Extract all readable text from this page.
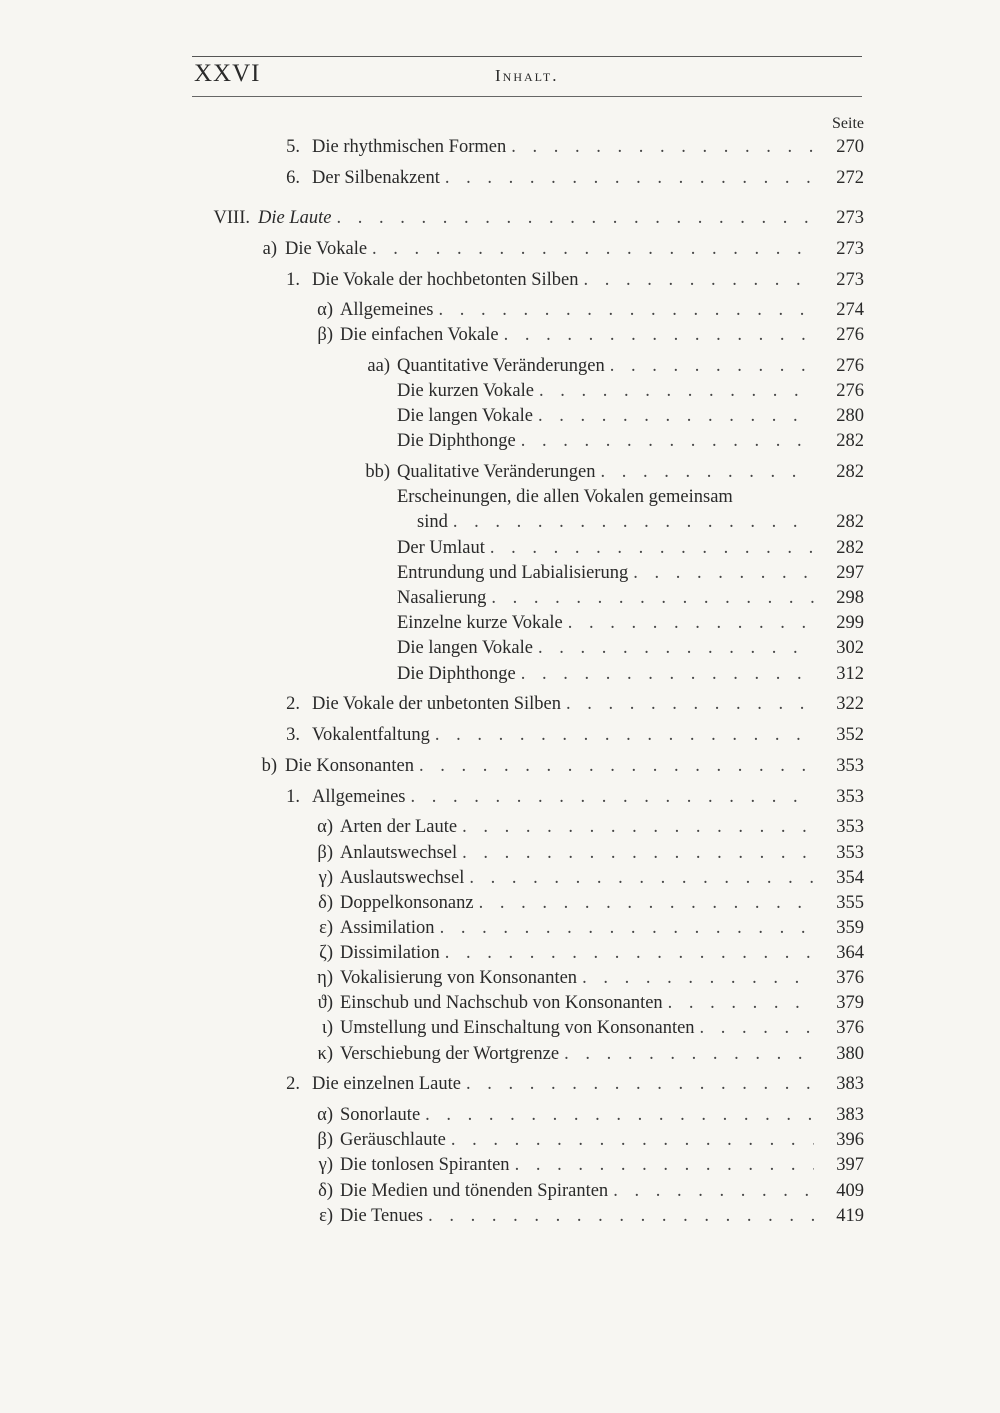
XXVI	Inhalt.
Seite
5. Die rhythmischen Formen . . .	270
6. Der Silbenakzent . . .	272
VIII. Die Laute . . .	273
a) Die Vokale . . .	273
1. Die Vokale der hochbetonten Silben . . .	273
α) Allgemeines . . .	274
β) Die einfachen Vokale . . .	276
aa) Quantitative Veränderungen . . .	276
Die kurzen Vokale . . .	276
Die langen Vokale . . .	280
Die Diphthonge . . .	282
bb) Qualitative Veränderungen . . .	282
Erscheinungen, die allen Vokalen gemeinsam
sind . . .	282
Der Umlaut . . .	282
Entrundung und Labialisierung . . .	297
Nasalierung . . .	298
Einzelne kurze Vokale . . .	299
Die langen Vokale . . .	302
Die Diphthonge . . .	312
2. Die Vokale der unbetonten Silben . . .	322
3. Vokalentfaltung . . .	352
b) Die Konsonanten . . .	353
1. Allgemeines . . .	353
α) Arten der Laute . . .	353
β) Anlautswechsel . . .	353
γ) Auslautswechsel . . .	354
δ) Doppelkonsonanz . . .	355
ε) Assimilation . . .	359
ζ) Dissimilation . . .	364
η) Vokalisierung von Konsonanten . . .	376
ϑ) Einschub und Nachschub von Konsonanten . . .	379
ι) Umstellung und Einschaltung von Konsonanten . . .	376
κ) Verschiebung der Wortgrenze . . .	380
2. Die einzelnen Laute . . .	383
α) Sonorlaute . . .	383
β) Geräuschlaute . . .	396
γ) Die tonlosen Spiranten . . .	397
δ) Die Medien und tönenden Spiranten . . .	409
ε) Die Tenues . . .	419
